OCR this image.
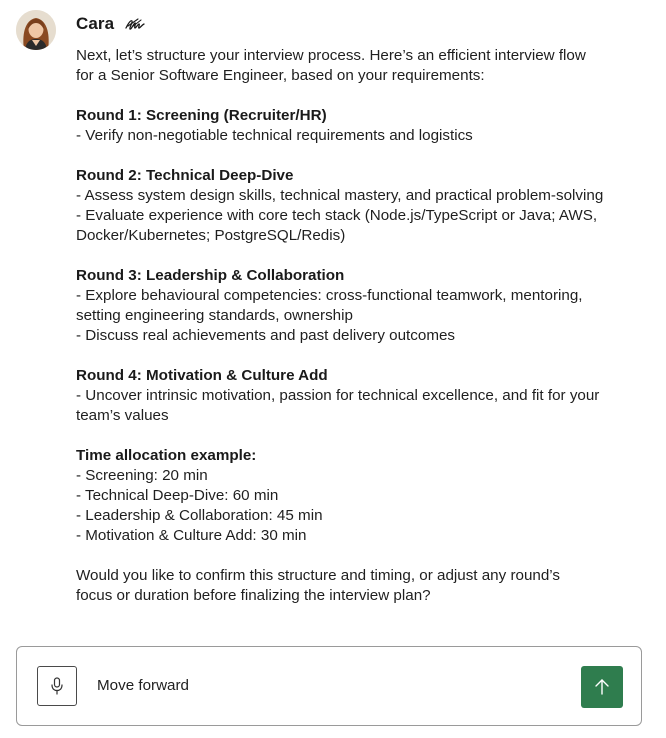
Cara

Next, let’s structure your interview process. Here’s an efficient interview flow

for a Senior Software Engineer, based on your requirements:

Round 1: Screening (Recruiter/HR)

- Verify non-negotiable technical requirements and logistics

Round 2: Technical Deep-Dive

- Assess system design skills, technical mastery, and practical problem-solving

- Evaluate experience with core tech stack (Node.js/TypeScript or Java; AWS,

Docker/Kubernetes; PostgreSQL/Redis)

Round 3: Leadership & Collaboration

- Explore behavioural competencies: cross-functional teamwork, mentoring,

setting engineering standards, ownership

- Discuss real achievements and past delivery outcomes

Round 4: Motivation & Culture Add

- Uncover intrinsic motivation, passion for technical excellence, and fit for your

team’s values

Time allocation example:

- Screening: 20 min

- Technical Deep-Dive: 60 min

- Leadership & Collaboration: 45 min

- Motivation & Culture Add: 30 min

Would you like to confirm this structure and timing, or adjust any round’s

focus or duration before finalizing the interview plan?

Move forward
